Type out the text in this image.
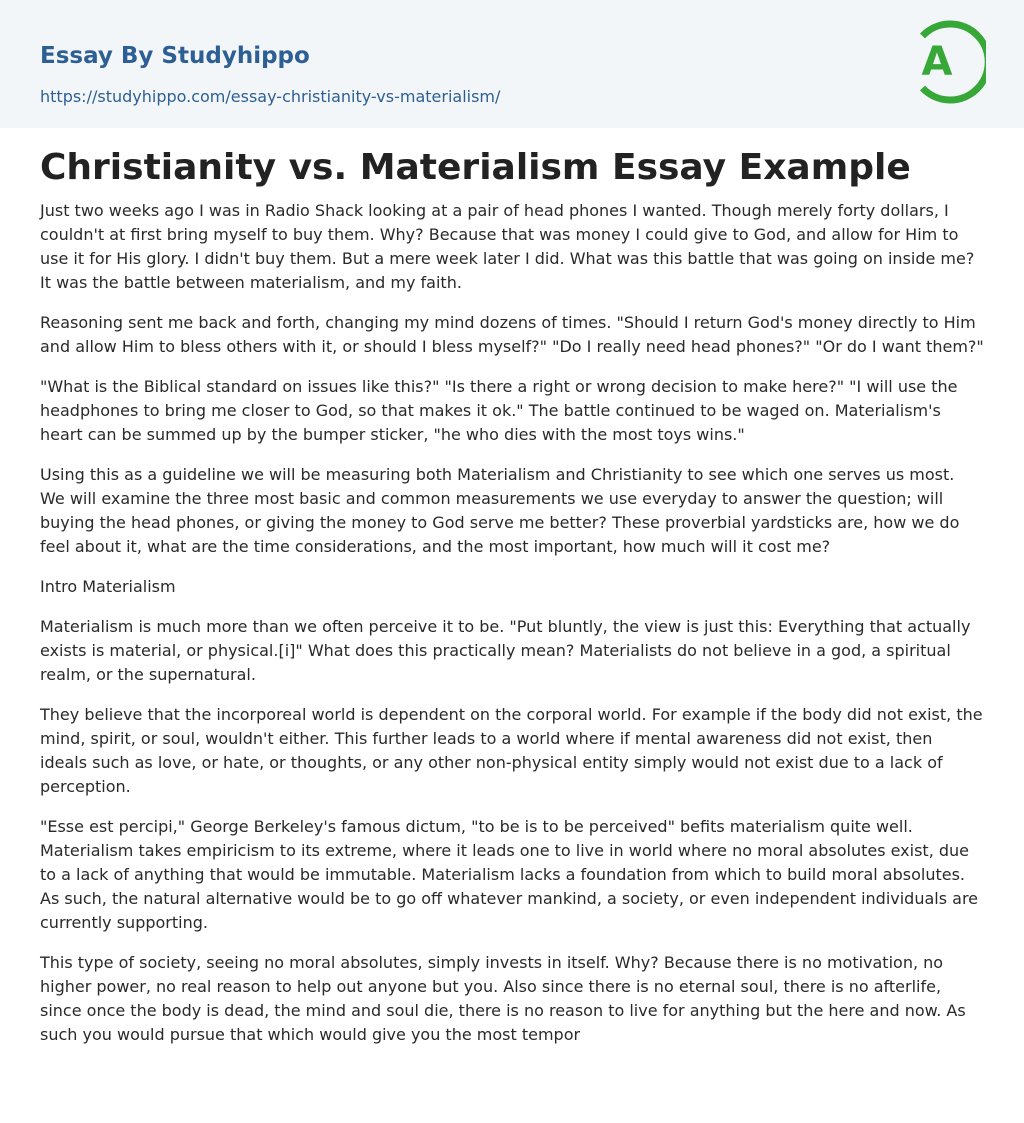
Essay By Studyhippo
https://studyhippo.com/essay-christianity-vs-materialism/
A
Christianity vs. Materialism Essay Example

Just two weeks ago I was in Radio Shack looking at a pair of head phones I wanted. Though merely forty dollars, I couldn't at first bring myself to buy them. Why? Because that was money I could give to God, and allow for Him to use it for His glory. I didn't buy them. But a mere week later I did. What was this battle that was going on inside me? It was the battle between materialism, and my faith.

Reasoning sent me back and forth, changing my mind dozens of times. "Should I return God's money directly to Him and allow Him to bless others with it, or should I bless myself?" "Do I really need head phones?" "Or do I want them?"

"What is the Biblical standard on issues like this?" "Is there a right or wrong decision to make here?" "I will use the headphones to bring me closer to God, so that makes it ok." The battle continued to be waged on. Materialism's heart can be summed up by the bumper sticker, "he who dies with the most toys wins."

Using this as a guideline we will be measuring both Materialism and Christianity to see which one serves us most. We will examine the three most basic and common measurements we use everyday to answer the question; will buying the head phones, or giving the money to God serve me better? These proverbial yardsticks are, how we do feel about it, what are the time considerations, and the most important, how much will it cost me?

Intro Materialism

Materialism is much more than we often perceive it to be. "Put bluntly, the view is just this: Everything that actually exists is material, or physical.[i]" What does this practically mean? Materialists do not believe in a god, a spiritual realm, or the supernatural.

They believe that the incorporeal world is dependent on the corporal world. For example if the body did not exist, the mind, spirit, or soul, wouldn't either. This further leads to a world where if mental awareness did not exist, then ideals such as love, or hate, or thoughts, or any other non-physical entity simply would not exist due to a lack of perception.

"Esse est percipi," George Berkeley's famous dictum, "to be is to be perceived" befits materialism quite well. Materialism takes empiricism to its extreme, where it leads one to live in world where no moral absolutes exist, due to a lack of anything that would be immutable. Materialism lacks a foundation from which to build moral absolutes. As such, the natural alternative would be to go off whatever mankind, a society, or even independent individuals are currently supporting.

This type of society, seeing no moral absolutes, simply invests in itself. Why? Because there is no motivation, no higher power, no real reason to help out anyone but you. Also since there is no eternal soul, there is no afterlife, since once the body is dead, the mind and soul die, there is no reason to live for anything but the here and now. As such you would pursue that which would give you the most tempor
